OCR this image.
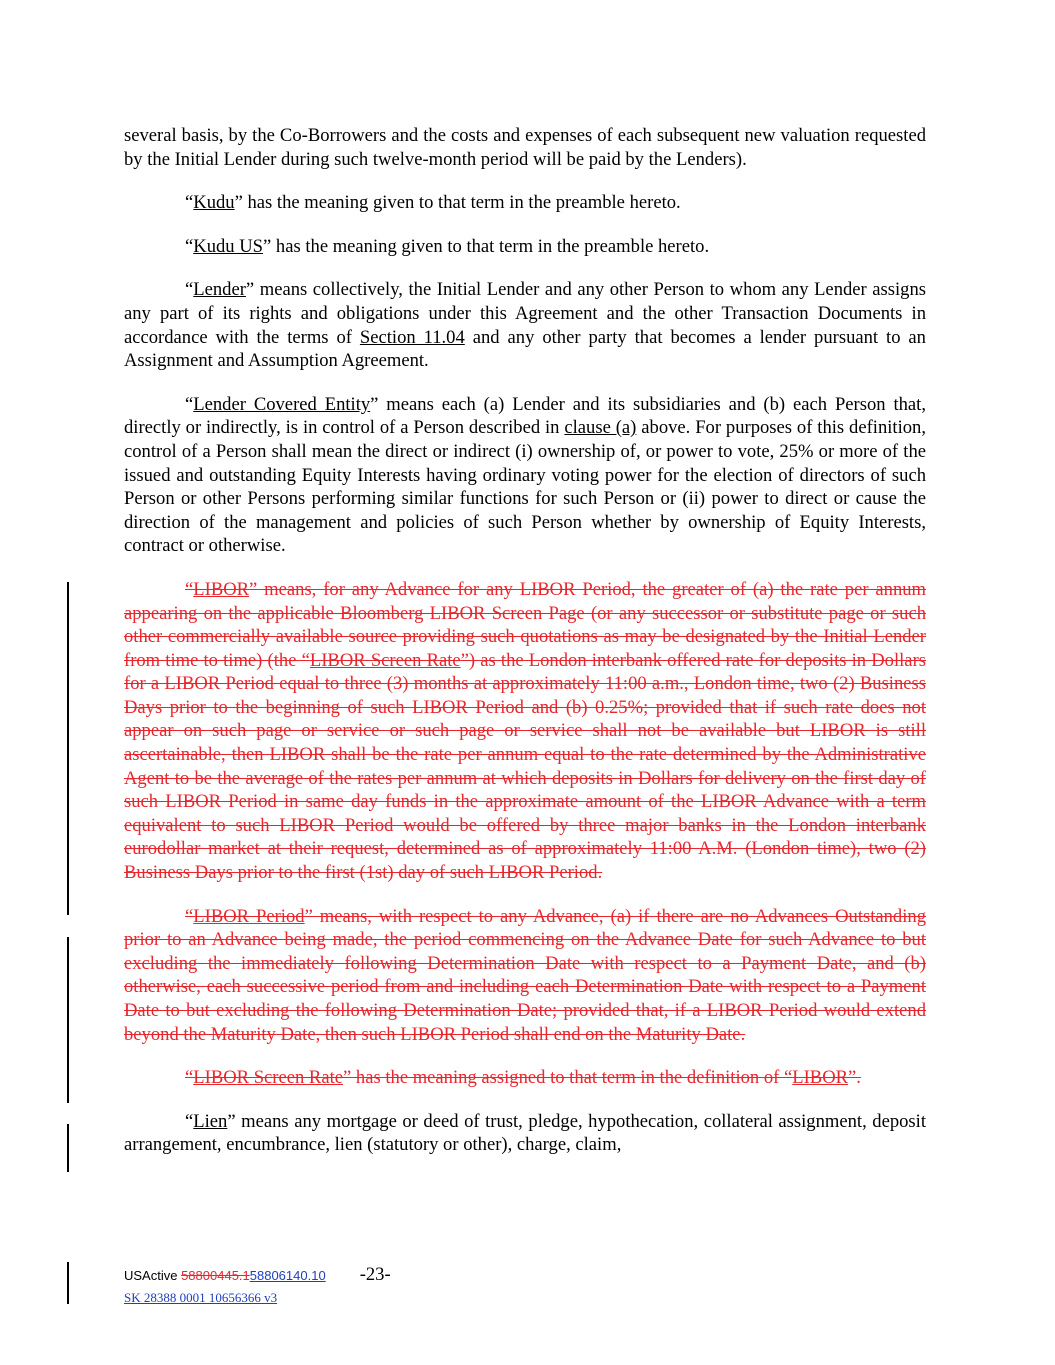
several basis, by the Co-Borrowers and the costs and expenses of each subsequent new valuation requested by the Initial Lender during such twelve-month period will be paid by the Lenders).

“Kudu” has the meaning given to that term in the preamble hereto.

“Kudu US” has the meaning given to that term in the preamble hereto.

“Lender” means collectively, the Initial Lender and any other Person to whom any Lender assigns any part of its rights and obligations under this Agreement and the other Transaction Documents in accordance with the terms of Section 11.04 and any other party that becomes a lender pursuant to an Assignment and Assumption Agreement.

“Lender Covered Entity” means each (a) Lender and its subsidiaries and (b) each Person that, directly or indirectly, is in control of a Person described in clause (a) above. For purposes of this definition, control of a Person shall mean the direct or indirect (i) ownership of, or power to vote, 25% or more of the issued and outstanding Equity Interests having ordinary voting power for the election of directors of such Person or other Persons performing similar functions for such Person or (ii) power to direct or cause the direction of the management and policies of such Person whether by ownership of Equity Interests, contract or otherwise.

“LIBOR” means, for any Advance for any LIBOR Period, the greater of (a) the rate per annum appearing on the applicable Bloomberg LIBOR Screen Page (or any successor or substitute page or such other commercially available source providing such quotations as may be designated by the Initial Lender from time to time) (the “LIBOR Screen Rate”) as the London interbank offered rate for deposits in Dollars for a LIBOR Period equal to three (3) months at approximately 11:00 a.m., London time, two (2) Business Days prior to the beginning of such LIBOR Period and (b) 0.25%; provided that if such rate does not appear on such page or service or such page or service shall not be available but LIBOR is still ascertainable, then LIBOR shall be the rate per annum equal to the rate determined by the Administrative Agent to be the average of the rates per annum at which deposits in Dollars for delivery on the first day of such LIBOR Period in same day funds in the approximate amount of the LIBOR Advance with a term equivalent to such LIBOR Period would be offered by three major banks in the London interbank eurodollar market at their request, determined as of approximately 11:00 A.M. (London time), two (2) Business Days prior to the first (1st) day of such LIBOR Period.

“LIBOR Period” means, with respect to any Advance, (a) if there are no Advances Outstanding prior to an Advance being made, the period commencing on the Advance Date for such Advance to but excluding the immediately following Determination Date with respect to a Payment Date, and (b) otherwise, each successive period from and including each Determination Date with respect to a Payment Date to but excluding the following Determination Date; provided that, if a LIBOR Period would extend beyond the Maturity Date, then such LIBOR Period shall end on the Maturity Date.

“LIBOR Screen Rate” has the meaning assigned to that term in the definition of “LIBOR”.

“Lien” means any mortgage or deed of trust, pledge, hypothecation, collateral assignment, deposit arrangement, encumbrance, lien (statutory or other), charge, claim,

USActive 58800445.158806140.10 -23-
SK 28388 0001 10656366 v3
